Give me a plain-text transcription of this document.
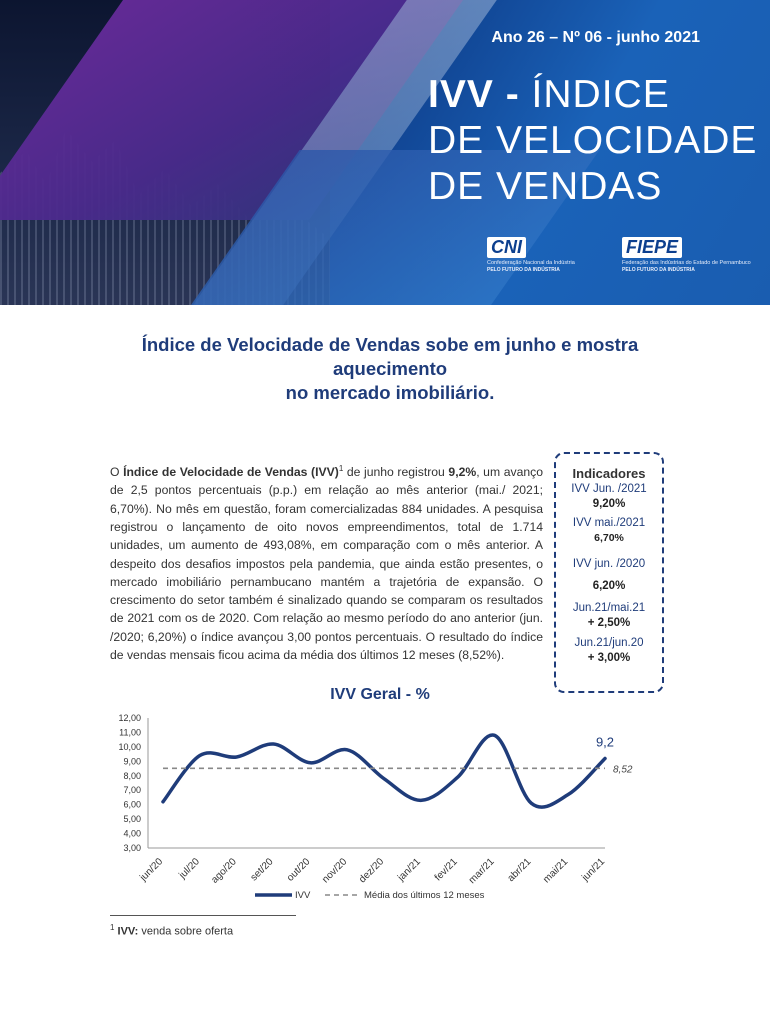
Ano 26 – Nº 06 - junho 2021
IVV - ÍNDICE
DE VELOCIDADE
DE VENDAS
CNI
Confederação Nacional da Indústria
PELO FUTURO DA INDÚSTRIA
FIEPE
Federação das Indústrias do Estado de Pernambuco
PELO FUTURO DA INDÚSTRIA
Índice de Velocidade de Vendas sobe em junho e mostra aquecimento
no mercado imobiliário.
O Índice de Velocidade de Vendas (IVV)$^1$ de junho registrou 9,2%, um avanço de 2,5 pontos percentuais (p.p.) em relação ao mês anterior (mai./ 2021; 6,70%). No mês em questão, foram comercializadas 884 unidades. A pesquisa registrou o lançamento de oito novos empreendimentos, total de 1.714 unidades, um aumento de 493,08%, em comparação com o mês anterior. A despeito dos desafios impostos pela pandemia, que ainda estão presentes, o mercado imobiliário pernambucano mantém a trajetória de expansão. O crescimento do setor também é sinalizado quando se comparam os resultados de 2021 com os de 2020. Com relação ao mesmo período do ano anterior (jun. /2020; 6,20%) o índice avançou 3,00 pontos percentuais. O resultado do índice de vendas mensais ficou acima da média dos últimos 12 meses (8,52%).
Indicadores
IVV Jun. /2021
9,20%
IVV mai./2021
6,70%
IVV jun. /2020
6,20%
Jun.21/mai.21
+ 2,50%
Jun.21/jun.20
+ 3,00%
IVV Geral - %
3,00
4,00
5,00
6,00
7,00
8,00
9,00
10,00
11,00
12,00
jun/20 jul/20 ago/20 set/20 out/20 nov/20 dez/20 jan/21 fev/21 mar/21 abr/21 mai/21 jun/21
9,2
8,52
IVV	Média dos últimos 12 meses
$^1$ IVV: venda sobre oferta
